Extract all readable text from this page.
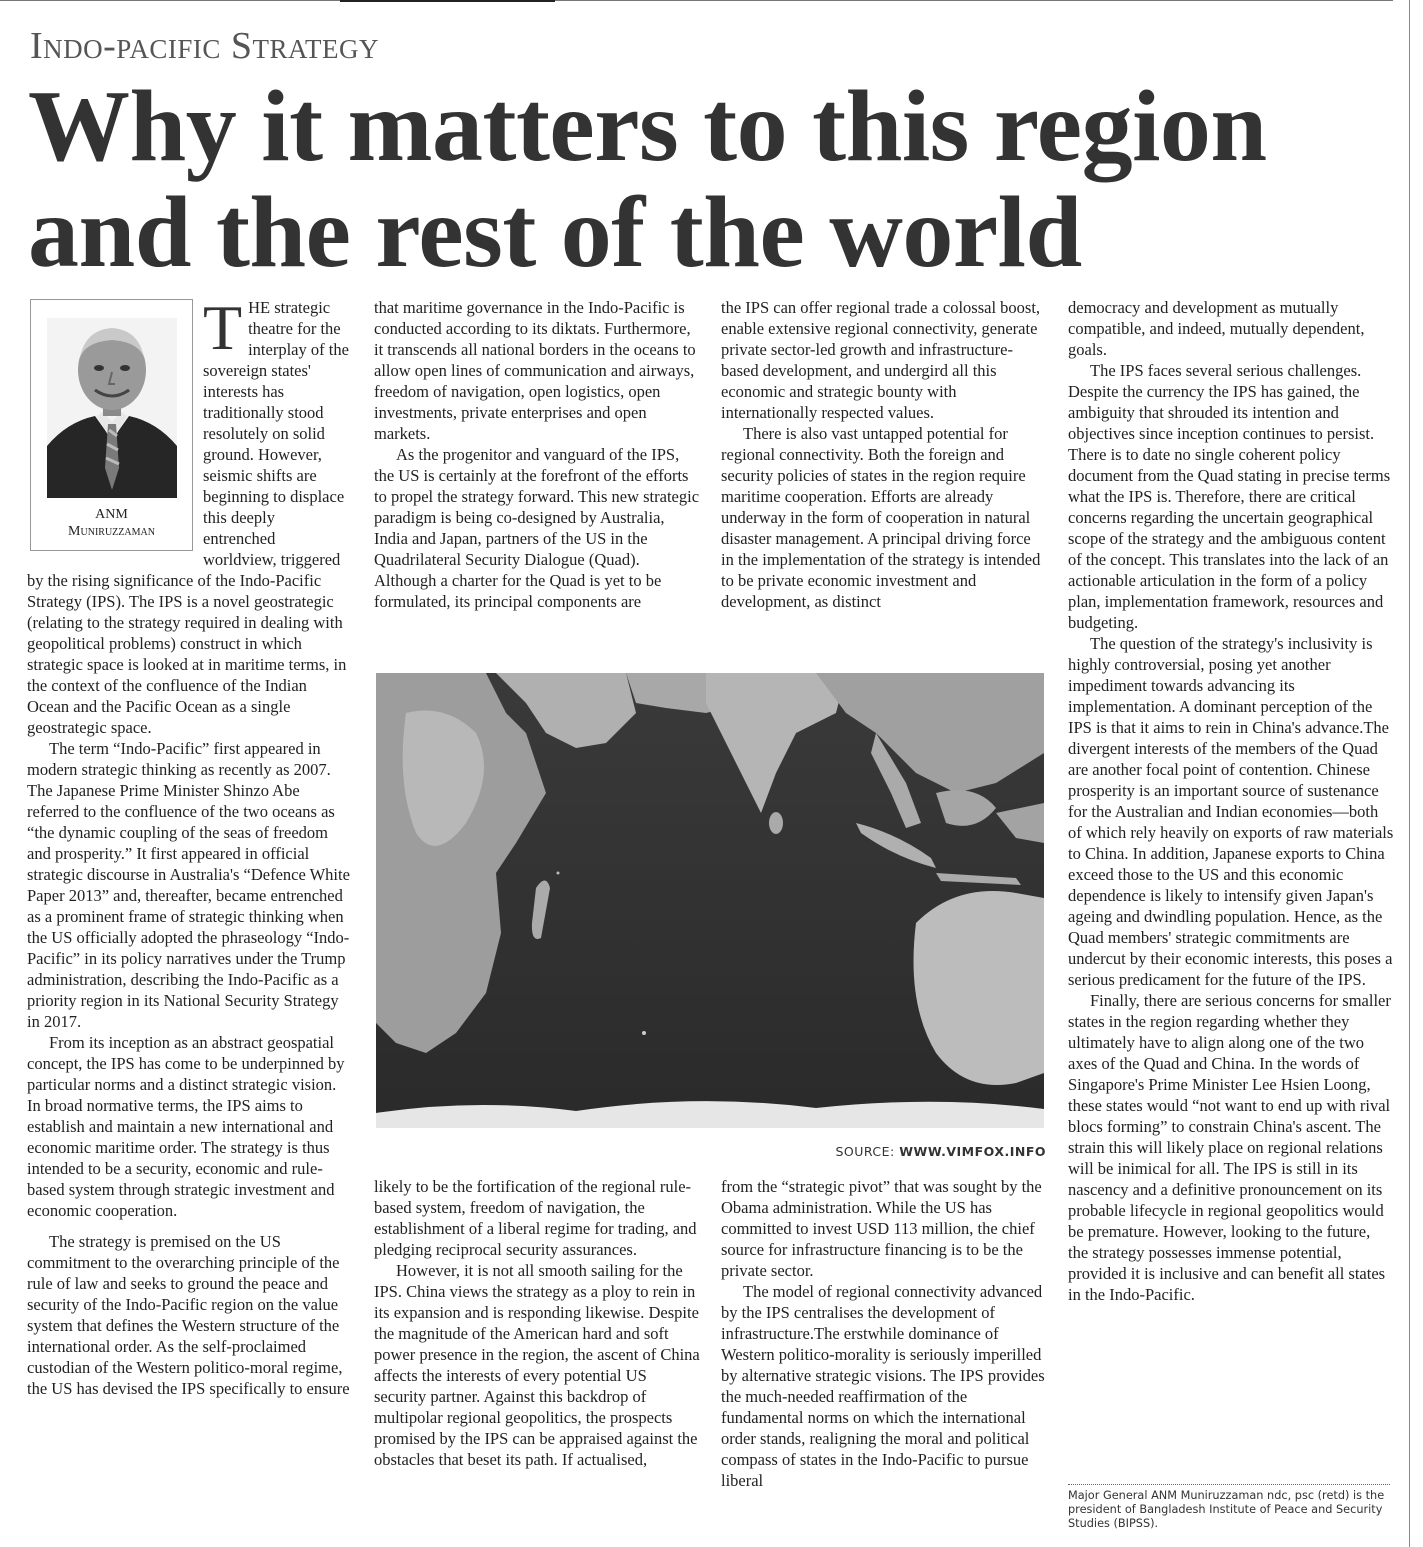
Indo-pacific Strategy
Why it matters to this region and the rest of the world
ANM
Muniruzzaman

THE strategic theatre for the interplay of the sovereign states' interests has traditionally stood resolutely on solid ground. However, seismic shifts are beginning to displace this deeply entrenched worldview, triggered by the rising significance of the Indo-Pacific Strategy (IPS). The IPS is a novel geostrategic (relating to the strategy required in dealing with geopolitical problems) construct in which strategic space is looked at in maritime terms, in the context of the confluence of the Indian Ocean and the Pacific Ocean as a single geostrategic space.

The term “Indo-Pacific” first appeared in modern strategic thinking as recently as 2007. The Japanese Prime Minister Shinzo Abe referred to the confluence of the two oceans as “the dynamic coupling of the seas of freedom and prosperity.” It first appeared in official strategic discourse in Australia's “Defence White Paper 2013” and, thereafter, became entrenched as a prominent frame of strategic thinking when the US officially adopted the phraseology “Indo-Pacific” in its policy narratives under the Trump administration, describing the Indo-Pacific as a priority region in its National Security Strategy in 2017.

From its inception as an abstract geospatial concept, the IPS has come to be underpinned by particular norms and a distinct strategic vision. In broad normative terms, the IPS aims to establish and maintain a new international and economic maritime order. The strategy is thus intended to be a security, economic and rule-based system through strategic investment and economic cooperation.

The strategy is premised on the US commitment to the overarching principle of the rule of law and seeks to ground the peace and security of the Indo-Pacific region on the value system that defines the Western structure of the international order. As the self-proclaimed custodian of the Western politico-moral regime, the US has devised the IPS specifically to ensure

that maritime governance in the Indo-Pacific is conducted according to its diktats. Furthermore, it transcends all national borders in the oceans to allow open lines of communication and airways, freedom of navigation, open logistics, open investments, private enterprises and open markets.

As the progenitor and vanguard of the IPS, the US is certainly at the forefront of the efforts to propel the strategy forward. This new strategic paradigm is being co-designed by Australia, India and Japan, partners of the US in the Quadrilateral Security Dialogue (Quad). Although a charter for the Quad is yet to be formulated, its principal components are

the IPS can offer regional trade a colossal boost, enable extensive regional connectivity, generate private sector-led growth and infrastructure-based development, and undergird all this economic and strategic bounty with internationally respected values.

There is also vast untapped potential for regional connectivity. Both the foreign and security policies of states in the region require maritime cooperation. Efforts are already underway in the form of cooperation in natural disaster management. A principal driving force in the implementation of the strategy is intended to be private economic investment and development, as distinct

SOURCE: WWW.VIMFOX.INFO

likely to be the fortification of the regional rule-based system, freedom of navigation, the establishment of a liberal regime for trading, and pledging reciprocal security assurances.

However, it is not all smooth sailing for the IPS. China views the strategy as a ploy to rein in its expansion and is responding likewise. Despite the magnitude of the American hard and soft power presence in the region, the ascent of China affects the interests of every potential US security partner. Against this backdrop of multipolar regional geopolitics, the prospects promised by the IPS can be appraised against the obstacles that beset its path. If actualised,

from the “strategic pivot” that was sought by the Obama administration. While the US has committed to invest USD 113 million, the chief source for infrastructure financing is to be the private sector.

The model of regional connectivity advanced by the IPS centralises the development of infrastructure.The erstwhile dominance of Western politico-morality is seriously imperilled by alternative strategic visions. The IPS provides the much-needed reaffirmation of the fundamental norms on which the international order stands, realigning the moral and political compass of states in the Indo-Pacific to pursue liberal

democracy and development as mutually compatible, and indeed, mutually dependent, goals.

The IPS faces several serious challenges. Despite the currency the IPS has gained, the ambiguity that shrouded its intention and objectives since inception continues to persist. There is to date no single coherent policy document from the Quad stating in precise terms what the IPS is. Therefore, there are critical concerns regarding the uncertain geographical scope of the strategy and the ambiguous content of the concept. This translates into the lack of an actionable articulation in the form of a policy plan, implementation framework, resources and budgeting.

The question of the strategy's inclusivity is highly controversial, posing yet another impediment towards advancing its implementation. A dominant perception of the IPS is that it aims to rein in China's advance.The divergent interests of the members of the Quad are another focal point of contention. Chinese prosperity is an important source of sustenance for the Australian and Indian economies—both of which rely heavily on exports of raw materials to China. In addition, Japanese exports to China exceed those to the US and this economic dependence is likely to intensify given Japan's ageing and dwindling population. Hence, as the Quad members' strategic commitments are undercut by their economic interests, this poses a serious predicament for the future of the IPS.

Finally, there are serious concerns for smaller states in the region regarding whether they ultimately have to align along one of the two axes of the Quad and China. In the words of Singapore's Prime Minister Lee Hsien Loong, these states would “not want to end up with rival blocs forming” to constrain China's ascent. The strain this will likely place on regional relations will be inimical for all. The IPS is still in its nascency and a definitive pronouncement on its probable lifecycle in regional geopolitics would be premature. However, looking to the future, the strategy possesses immense potential, provided it is inclusive and can benefit all states in the Indo-Pacific.

Major General ANM Muniruzzaman ndc, psc (retd) is the president of Bangladesh Institute of Peace and Security Studies (BIPSS).
